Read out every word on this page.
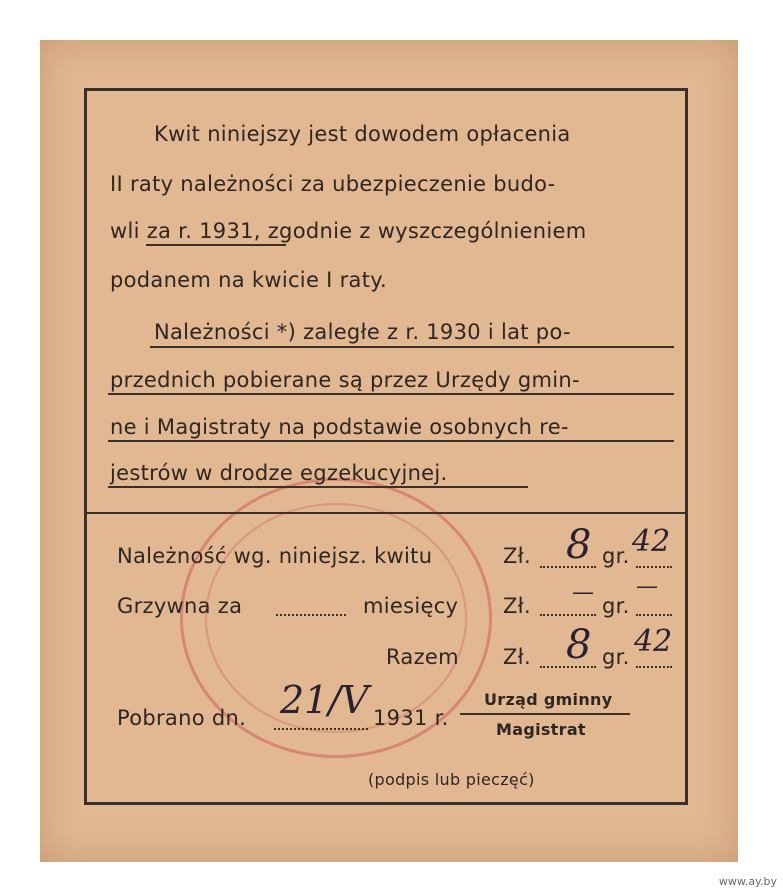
Kwit niniejszy jest dowodem opłacenia
II raty należności za ubezpieczenie budo-
wli za r. 1931, zgodnie z wyszczególnieniem
podanem na kwicie I raty.
Należności *) zaległe z r. 1930 i lat po-
przednich pobierane są przez Urzędy gmin-
ne i Magistraty na podstawie osobnych re-
jestrów w drodze egzekucyjnej.
Należność wg. niniejsz. kwitu	Zł. 8 gr. 42
Grzywna za	miesięcy Zł.
—
gr.
—
Razem Zł. 8 gr. 42
Pobrano dn. 21/V 1931 r.
Urząd gminny
Magistrat
(podpis lub pieczęć)
www.ay.by
